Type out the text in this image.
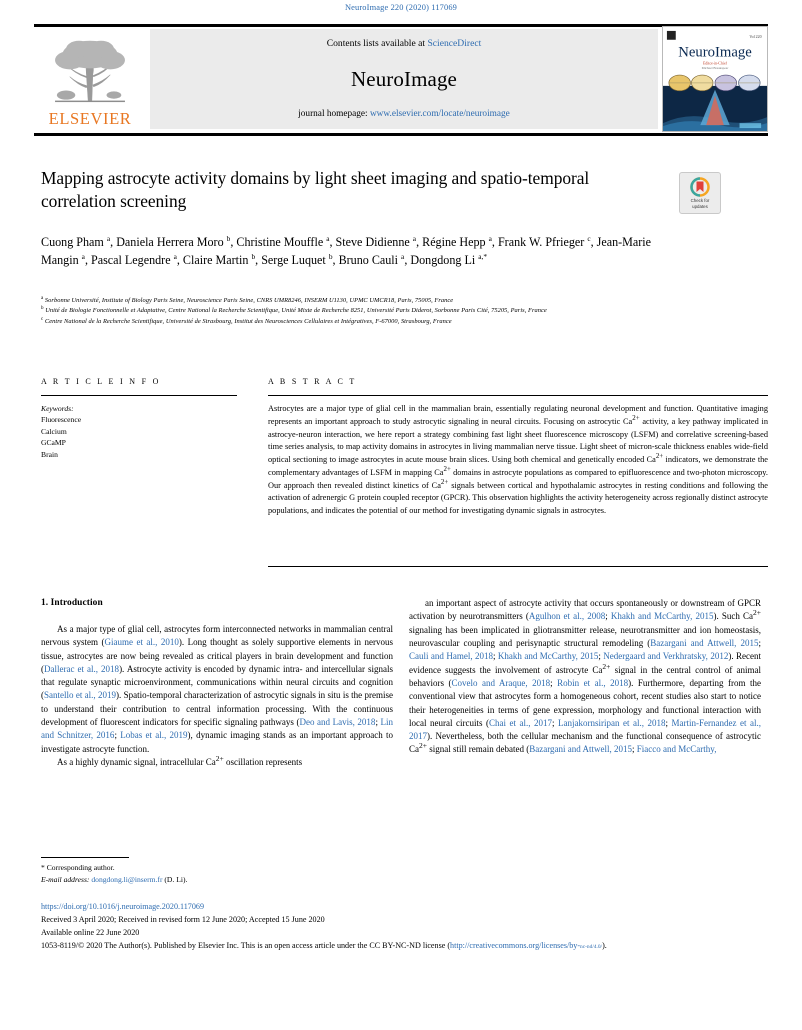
NeuroImage 220 (2020) 117069
ELSEVIER
Contents lists available at ScienceDirect
NeuroImage
journal homepage: www.elsevier.com/locate/neuroimage
Vol 220
NeuroImage
Editor-in-Chief
Michael Breakspear
Mapping astrocyte activity domains by light sheet imaging and spatio-temporal correlation screening	Check for
updates
Cuong Pham $^a$, Daniela Herrera Moro $^b$, Christine Mouffle $^a$, Steve Didienne $^a$, Régine Hepp $^a$, Frank W. Pfrieger $^c$, Jean-Marie Mangin $^a$, Pascal Legendre $^a$, Claire Martin $^b$, Serge Luquet $^b$, Bruno Cauli $^a$, Dongdong Li $^{a,*}$

$^a$ Sorbonne Université, Institute of Biology Paris Seine, Neuroscience Paris Seine, CNRS UMR8246, INSERM U1130, UPMC UMCR18, Paris, 75005, France

$^b$ Unité de Biologie Fonctionnelle et Adaptative, Centre National la Recherche Scientifique, Unité Mixte de Recherche 8251, Université Paris Diderot, Sorbonne Paris Cité, 75205, Paris, France

$^c$ Centre National de la Recherche Scientifique, Université de Strasbourg, Institut des Neurosciences Cellulaires et Intégratives, F-67000, Strasbourg, France

A R T I C L E I N F O

Keywords:

Fluorescence

Calcium

GCaMP

Brain

A B S T R A C T

Astrocytes are a major type of glial cell in the mammalian brain, essentially regulating neuronal development and function. Quantitative imaging represents an important approach to study astrocytic signaling in neural circuits. Focusing on astrocytic $Ca^{2+}$ activity, a key pathway implicated in astrocye-neuron interaction, we here report a strategy combining fast light sheet fluorescence microscopy (LSFM) and correlative screening-based time series analysis, to map activity domains in astrocytes in living mammalian nerve tissue. Light sheet of micron-scale thickness enables wide-field optical sectioning to image astrocytes in acute mouse brain slices. Using both chemical and genetically encoded $Ca^{2+}$ indicators, we demonstrate the complementary advantages of LSFM in mapping $Ca^{2+}$ domains in astrocyte populations as compared to epifluorescence and two-photon microscopy. Our approach then revealed distinct kinetics of $Ca^{2+}$ signals between cortical and hypothalamic astrocytes in resting conditions and following the activation of adrenergic G protein coupled receptor (GPCR). This observation highlights the activity heterogeneity across regionally distinct astrocyte populations, and indicates the potential of our method for investigating dynamic signals in astrocytes.

1. Introduction

As a major type of glial cell, astrocytes form interconnected networks in mammalian central nervous system (Giaume et al., 2010). Long thought as solely supportive elements in nervous tissue, astrocytes are now being revealed as critical players in brain development and function (Dallerac et al., 2018). Astrocyte activity is encoded by dynamic intra- and intercellular signals that regulate synaptic microenvironment, communications within neural circuits and cognition (Santello et al., 2019). Spatio-temporal characterization of astrocytic signals in situ is the premise to understand their contribution to central information processing. With the continuous development of fluorescent indicators for specific signaling pathways (Deo and Lavis, 2018; Lin and Schnitzer, 2016; Lobas et al., 2019), dynamic imaging stands as an important approach to investigate astrocyte function.

As a highly dynamic signal, intracellular $Ca^{2+}$ oscillation represents

an important aspect of astrocyte activity that occurs spontaneously or downstream of GPCR activation by neurotransmitters (Agulhon et al., 2008; Khakh and McCarthy, 2015). Such $Ca^{2+}$ signaling has been implicated in gliotransmitter release, neurotransmitter and ion homeostasis, neurovascular coupling and perisynaptic structural remodeling (Bazargani and Attwell, 2015; Cauli and Hamel, 2018; Khakh and McCarthy, 2015; Nedergaard and Verkhratsky, 2012). Recent evidence suggests the involvement of astrocyte $Ca^{2+}$ signal in the central control of animal behaviors (Covelo and Araque, 2018; Robin et al., 2018). Furthermore, departing from the conventional view that astrocytes form a homogeneous cohort, recent studies also start to notice their heterogeneities in terms of gene expression, morphology and functional interaction with local neural circuits (Chai et al., 2017; Lanjakornsiripan et al., 2018; Martin-Fernandez et al., 2017). Nevertheless, both the cellular mechanism and the functional consequence of astrocytic $Ca^{2+}$ signal still remain debated (Bazargani and Attwell, 2015; Fiacco and McCarthy,

* Corresponding author.

E-mail address: dongdong.li@inserm.fr (D. Li).

https://doi.org/10.1016/j.neuroimage.2020.117069

Received 3 April 2020; Received in revised form 12 June 2020; Accepted 15 June 2020

Available online 22 June 2020

1053-8119/© 2020 The Author(s). Published by Elsevier Inc. This is an open access article under the CC BY-NC-ND license (http://creativecommons.org/licenses/by-nc-nd/4.0/).
